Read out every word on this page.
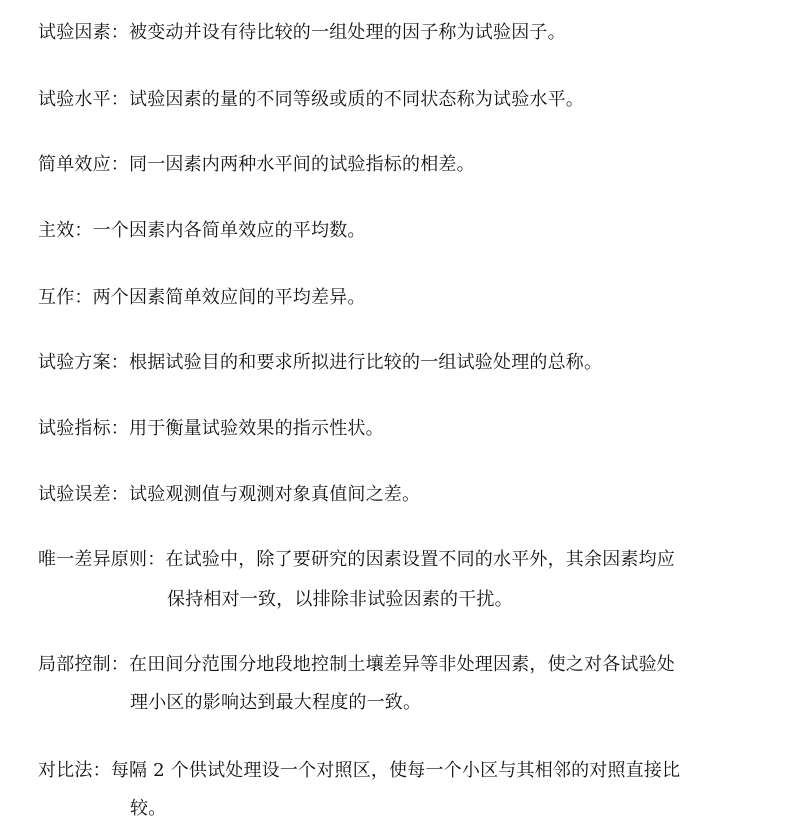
试验因素：被变动并设有待比较的一组处理的因子称为试验因子。
试验水平：试验因素的量的不同等级或质的不同状态称为试验水平。
简单效应：同一因素内两种水平间的试验指标的相差。
主效：一个因素内各简单效应的平均数。
互作：两个因素简单效应间的平均差异。
试验方案：根据试验目的和要求所拟进行比较的一组试验处理的总称。
试验指标：用于衡量试验效果的指示性状。
试验误差：试验观测值与观测对象真值间之差。
唯一差异原则：在试验中，除了要研究的因素设置不同的水平外，其余因素均应
保持相对一致，以排除非试验因素的干扰。
局部控制：在田间分范围分地段地控制土壤差异等非处理因素，使之对各试验处
理小区的影响达到最大程度的一致。
对比法：每隔 2 个供试处理设一个对照区，使每一个小区与其相邻的对照直接比
较。
